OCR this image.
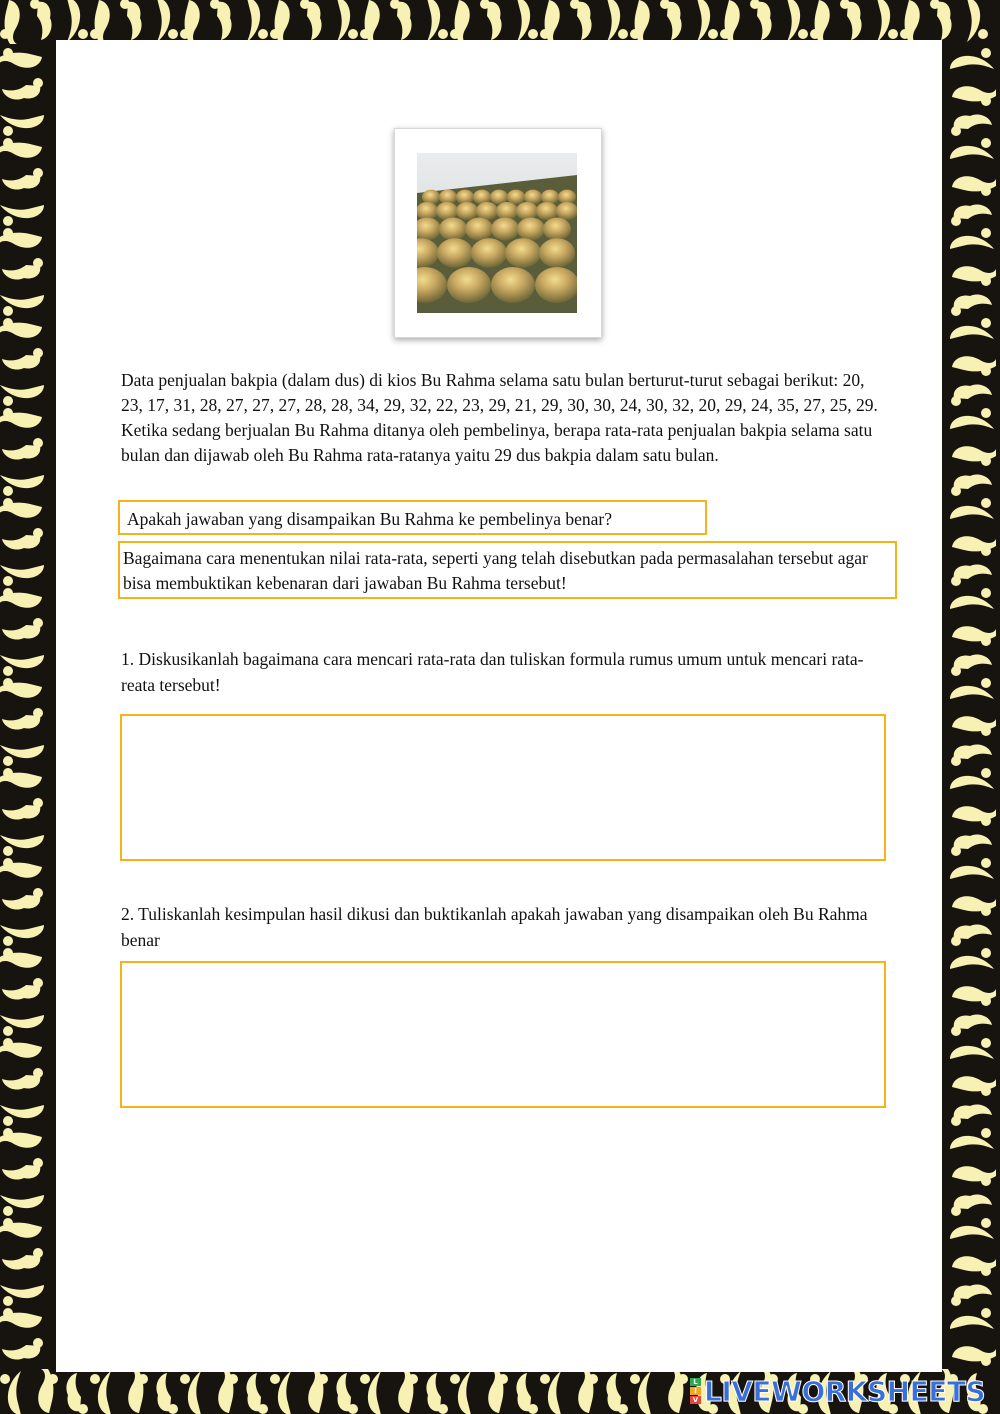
Data penjualan bakpia (dalam dus) di kios Bu Rahma selama satu bulan berturut-turut sebagai berikut: 20, 23, 17, 31, 28, 27, 27, 27, 28, 28, 34, 29, 32, 22, 23, 29, 21, 29, 30, 30, 24, 30, 32, 20, 29, 24, 35, 27, 25, 29. Ketika sedang berjualan Bu Rahma ditanya oleh pembelinya, berapa rata-rata penjualan bakpia selama satu bulan dan dijawab oleh Bu Rahma rata-ratanya yaitu 29 dus bakpia dalam satu bulan.

Apakah jawaban yang disampaikan Bu Rahma ke pembelinya benar?
Bagaimana cara menentukan nilai rata-rata, seperti yang telah disebutkan pada permasalahan tersebut agar bisa membuktikan kebenaran dari jawaban Bu Rahma tersebut!

1. Diskusikanlah bagaimana cara mencari rata-rata dan tuliskan formula rumus umum untuk mencari rata-reata tersebut!

2. Tuliskanlah kesimpulan hasil dikusi dan buktikanlah apakah jawaban yang disampaikan oleh Bu Rahma benar

L
I
V LIVEWORKSHEETS
